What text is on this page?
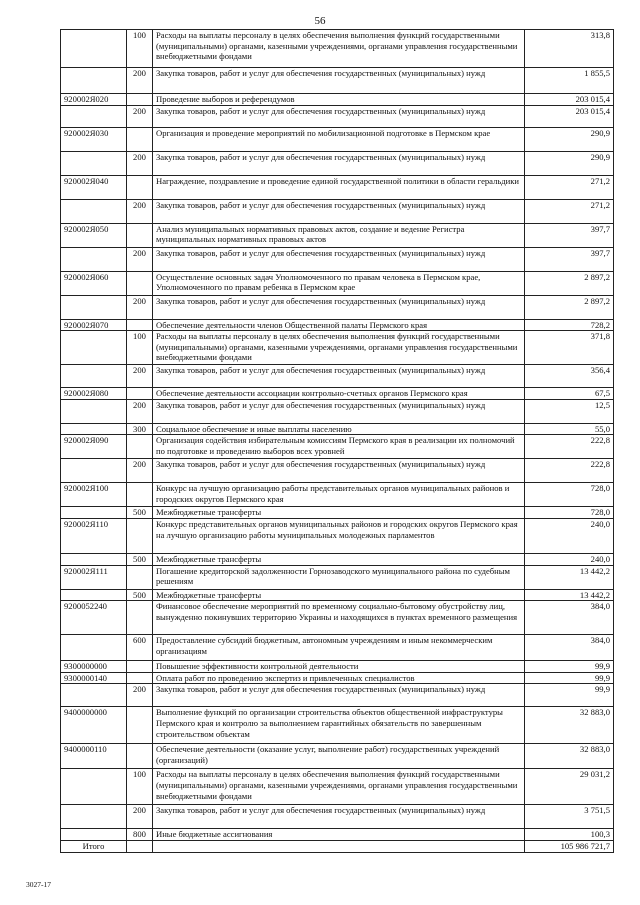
56
	100	Расходы на выплаты персоналу в целях обеспечения выполнения функций государственными (муниципальными) органами, казенными учреждениями, органами управления государственными внебюджетными фондами	313,8
	200	Закупка товаров, работ и услуг для обеспечения государственных (муниципальных) нужд	1 855,5
920002Я020		Проведение выборов и референдумов	203 015,4
	200	Закупка товаров, работ и услуг для обеспечения государственных (муниципальных) нужд	203 015,4
920002Я030		Организация и проведение мероприятий по мобилизационной подготовке в Пермском крае	290,9
	200	Закупка товаров, работ и услуг для обеспечения государственных (муниципальных) нужд	290,9
920002Я040		Награждение, поздравление и проведение единой государственной политики в области геральдики	271,2
	200	Закупка товаров, работ и услуг для обеспечения государственных (муниципальных) нужд	271,2
920002Я050		Анализ муниципальных нормативных правовых актов, создание и ведение Регистра муниципальных нормативных правовых актов	397,7
	200	Закупка товаров, работ и услуг для обеспечения государственных (муниципальных) нужд	397,7
920002Я060		Осуществление основных задач Уполномоченного по правам человека в Пермском крае, Уполномоченного по правам ребенка в Пермском крае	2 897,2
	200	Закупка товаров, работ и услуг для обеспечения государственных (муниципальных) нужд	2 897,2
920002Я070		Обеспечение деятельности членов Общественной палаты Пермского края	728,2
	100	Расходы на выплаты персоналу в целях обеспечения выполнения функций государственными (муниципальными) органами, казенными учреждениями, органами управления государственными внебюджетными фондами	371,8
	200	Закупка товаров, работ и услуг для обеспечения государственных (муниципальных) нужд	356,4
920002Я080		Обеспечение деятельности ассоциации контрольно-счетных органов Пермского края	67,5
	200	Закупка товаров, работ и услуг для обеспечения государственных (муниципальных) нужд	12,5
	300	Социальное обеспечение и иные выплаты населению	55,0
920002Я090		Организация содействия избирательным комиссиям Пермского края в реализации их полномочий по подготовке и проведению выборов всех уровней	222,8
	200	Закупка товаров, работ и услуг для обеспечения государственных (муниципальных) нужд	222,8
920002Я100		Конкурс на лучшую организацию работы представительных органов муниципальных районов и городских округов Пермского края	728,0
	500	Межбюджетные трансферты	728,0
920002Я110		Конкурс представительных органов муниципальных районов и городских округов Пермского края на лучшую организацию работы муниципальных молодежных парламентов	240,0
	500	Межбюджетные трансферты	240,0
920002Я111		Погашение кредиторской задолженности Горнозаводского муниципального района по судебным решениям	13 442,2
	500	Межбюджетные трансферты	13 442,2
9200052240		Финансовое обеспечение мероприятий по временному социально-бытовому обустройству лиц, вынужденно покинувших территорию Украины и находящихся в пунктах временного размещения	384,0
	600	Предоставление субсидий бюджетным, автономным учреждениям и иным некоммерческим организациям	384,0
9300000000		Повышение эффективности контрольной деятельности	99,9
9300000140		Оплата работ по проведению экспертиз и привлеченных специалистов	99,9
	200	Закупка товаров, работ и услуг для обеспечения государственных (муниципальных) нужд	99,9
9400000000		Выполнение функций по организации строительства объектов общественной инфраструктуры Пермского края и контролю за выполнением гарантийных обязательств по завершенным строительством объектам	32 883,0
9400000110		Обеспечение деятельности (оказание услуг, выполнение работ) государственных учреждений (организаций)	32 883,0
	100	Расходы на выплаты персоналу в целях обеспечения выполнения функций государственными (муниципальными) органами, казенными учреждениями, органами управления государственными внебюджетными фондами	29 031,2
	200	Закупка товаров, работ и услуг для обеспечения государственных (муниципальных) нужд	3 751,5
	800	Иные бюджетные ассигнования	100,3
Итого			105 986 721,7
3027-17
